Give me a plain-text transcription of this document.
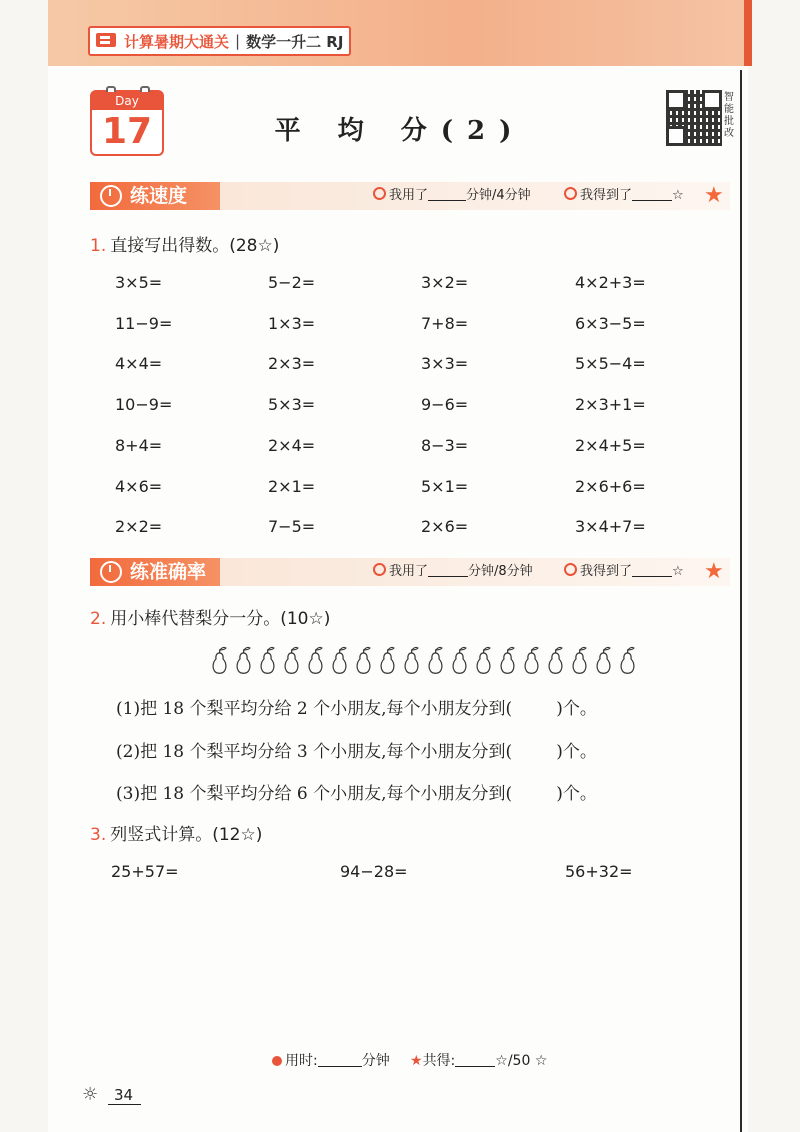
计算暑期大通关 | 数学一升二 RJ
Day
17	平 均 分(2)
智能批改
练速度	我用了	分钟/4分钟	我得到了	☆ ★
1. 直接写出得数。(28☆)
3×5=	5−2=	3×2=	4×2+3=
11−9=	1×3=	7+8=	6×3−5=
4×4=	2×3=	3×3=	5×5−4=
10−9=	5×3=	9−6=	2×3+1=
8+4=	2×4=	8−3=	2×4+5=
4×6=	2×1=	5×1=	2×6+6=
2×2=	7−5=	2×6=	3×4+7=
练准确率	我用了	分钟/8分钟	我得到了	☆ ★
2. 用小棒代替梨分一分。(10☆)
(1)把 18 个梨平均分给 2 个小朋友,每个小朋友分到(	)个。
(2)把 18 个梨平均分给 3 个小朋友,每个小朋友分到(	)个。
(3)把 18 个梨平均分给 6 个小朋友,每个小朋友分到(	)个。
3. 列竖式计算。(12☆)
25+57=	94−28=	56+32=
用时:	分钟 ★共得:	☆/50 ☆
☼	34
